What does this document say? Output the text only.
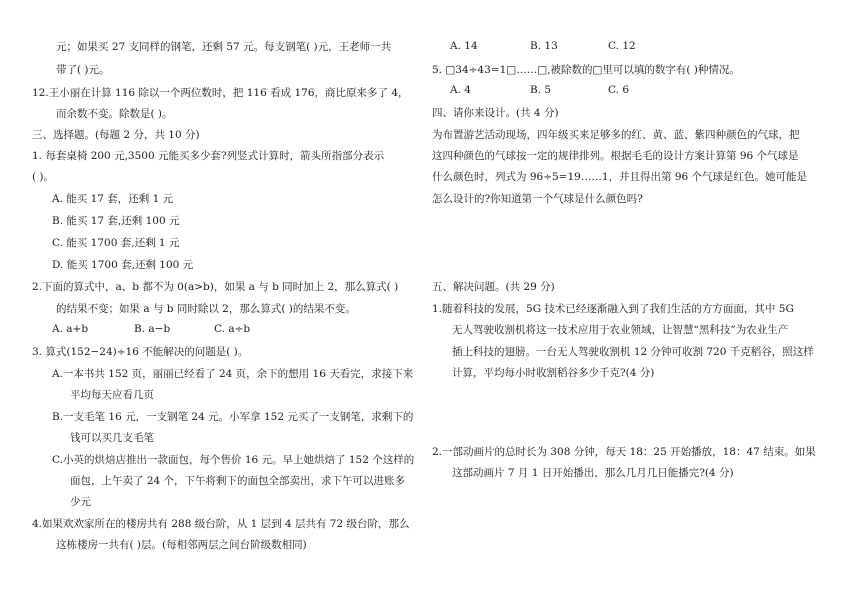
元；如果买 27 支同样的钢笔，还剩 57 元。每支钢笔( )元，王老师一共
带了( )元。
12.王小丽在计算 116 除以一个两位数时，把 116 看成 176，商比原来多了 4，
而余数不变。除数是( )。
三、选择题。(每题 2 分，共 10 分)
1. 每套桌椅 200 元,3500 元能买多少套?列竖式计算时，箭头所指部分表示
( )。
A. 能买 17 套，还剩 1 元
B. 能买 17 套,还剩 100 元
C. 能买 1700 套,还剩 1 元
D. 能买 1700 套,还剩 100 元
2.下面的算式中，a、b 都不为 0(a>b)，如果 a 与 b 同时加上 2，那么算式( )
的结果不变；如果 a 与 b 同时除以 2，那么算式( )的结果不变。
A. a+b	B. a−b	C. a÷b
3. 算式(152−24)÷16 不能解决的问题是( )。
A.一本书共 152 页，丽丽已经看了 24 页，余下的想用 16 天看完，求接下来
平均每天应看几页
B.一支毛笔 16 元，一支钢笔 24 元。小军拿 152 元买了一支钢笔，求剩下的
钱可以买几支毛笔
C.小英的烘焙店推出一款面包，每个售价 16 元。早上她烘焙了 152 个这样的
面包，上午卖了 24 个，下午将剩下的面包全部卖出，求下午可以进账多
少元
4.如果欢欢家所在的楼房共有 288 级台阶，从 1 层到 4 层共有 72 级台阶，那么
这栋楼房一共有( )层。(每相邻两层之间台阶级数相同)
A. 14	B. 13	C. 12
5. □34÷43=1□……□,被除数的□里可以填的数字有( )种情况。
A. 4	B. 5	C. 6
四、请你来设计。(共 4 分)
为布置游艺活动现场，四年级买来足够多的红、黄、蓝、紫四种颜色的气球，把
这四种颜色的气球按一定的规律排列。根据毛毛的设计方案计算第 96 个气球是
什么颜色时，列式为 96÷5=19……1，并且得出第 96 个气球是红色。她可能是
怎么设计的?你知道第一个气球是什么颜色吗?
五、解决问题。(共 29 分)
1.随着科技的发展，5G 技术已经逐渐融入到了我们生活的方方面面，其中 5G
无人驾驶收割机将这一技术应用于农业领域，让智慧“黑科技”为农业生产
插上科技的翅膀。一台无人驾驶收割机 12 分钟可收割 720 千克稻谷，照这样
计算，平均每小时收割稻谷多少千克?(4 分)
2.一部动画片的总时长为 308 分钟，每天 18：25 开始播放，18：47 结束。如果
这部动画片 7 月 1 日开始播出，那么几月几日能播完?(4 分)
